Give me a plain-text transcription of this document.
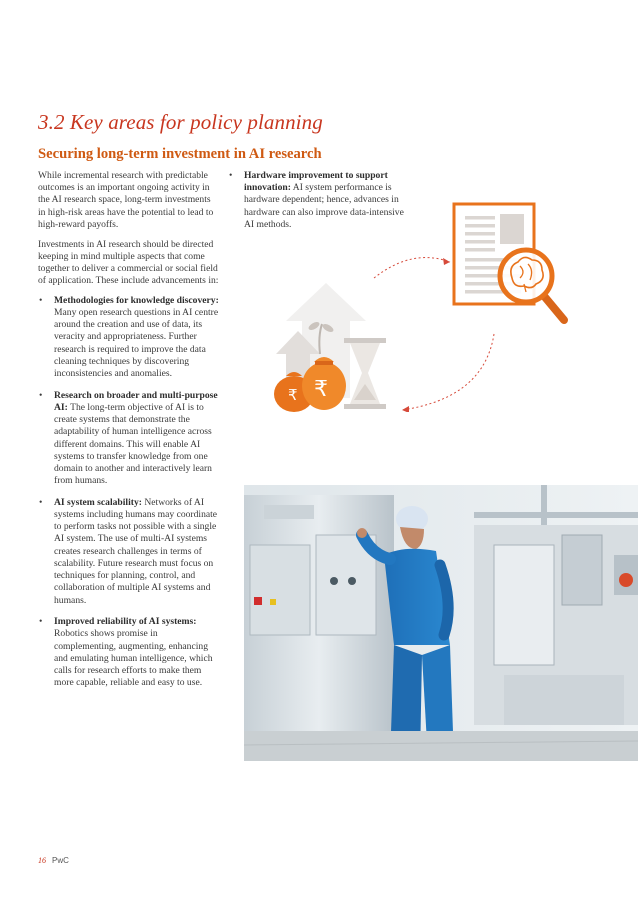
3.2 Key areas for policy planning
Securing long-term investment in AI research

While incremental research with predictable outcomes is an important ongoing activity in the AI research space, long-term investments in high-risk areas have the potential to lead to high-reward payoffs.

Investments in AI research should be directed keeping in mind multiple aspects that come together to deliver a commercial or social field of application. These include advancements in:

• Methodologies for knowledge discovery: Many open research questions in AI centre around the creation and use of data, its veracity and appropriateness. Further research is required to improve the data cleaning techniques by discovering inconsistencies and anomalies.
• Research on broader and multi-purpose AI: The long-term objective of AI is to create systems that demonstrate the adaptability of human intelligence across different domains. This will enable AI systems to transfer knowledge from one domain to another and interactively learn from humans.
• AI system scalability: Networks of AI systems including humans may coordinate to perform tasks not possible with a single AI system. The use of multi-AI systems creates research challenges in terms of scalability. Future research must focus on techniques for planning, control, and collaboration of multiple AI systems and humans.
• Improved reliability of AI systems: Robotics shows promise in complementing, augmenting, enhancing and emulating human intelligence, which calls for research efforts to make them more capable, reliable and easy to use.
• Hardware improvement to support innovation: AI system performance is hardware dependent; hence, advances in hardware can also improve data-intensive AI methods.
₹ ₹
16 PwC
